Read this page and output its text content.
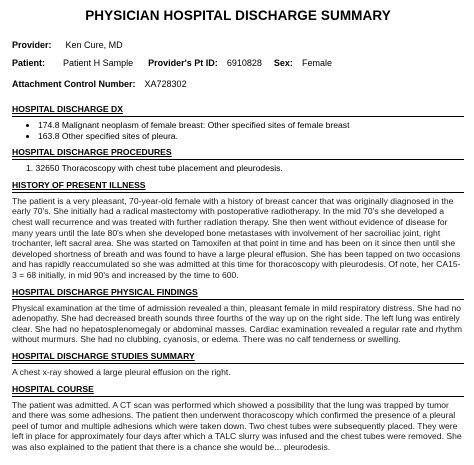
PHYSICIAN HOSPITAL DISCHARGE SUMMARY
Provider: Ken Cure, MD
Patient: Patient H Sample Provider's Pt ID: 6910828 Sex: Female
Attachment Control Number: XA728302
HOSPITAL DISCHARGE DX
• 174.8 Malignant neoplasm of female breast: Other specified sites of female breast
• 163.8 Other specified sites of pleura.
HOSPITAL DISCHARGE PROCEDURES
1. 32650 Thoracoscopy with chest tube placement and pleurodesis.
HISTORY OF PRESENT ILLNESS
The patient is a very pleasant, 70-year-old female with a history of breast cancer that was originally diagnosed in the early 70's. She initially had a radical mastectomy with postoperative radiotherapy. In the mid 70's she developed a chest wall recurrence and was treated with further radiation therapy. She then went without evidence of disease for many years until the late 80's when she developed bone metastases with involvement of her sacroiliac joint, right trochanter, left sacral area. She was started on Tamoxifen at that point in time and has been on it since then until she developed shortness of breath and was found to have a large pleural effusion. She has been tapped on two occasions and has rapidly reaccumulated so she was admitted at this time for thoracoscopy with pleurodesis. Of note, her CA15-3 = 68 initially, in mid 90's and increased by the time to 600.
HOSPITAL DISCHARGE PHYSICAL FINDINGS
Physical examination at the time of admission revealed a thin, pleasant female in mild respiratory distress. She had no adenopathy. She had decreased breath sounds three fourths of the way up on the right side. The left lung was entirely clear. She had no hepatosplenomegaly or abdominal masses. Cardiac examination revealed a regular rate and rhythm without murmurs. She had no clubbing, cyanosis, or edema. There was no calf tenderness or swelling.
HOSPITAL DISCHARGE STUDIES SUMMARY
A chest x-ray showed a large pleural effusion on the right.
HOSPITAL COURSE
The patient was admitted. A CT scan was performed which showed a possibility that the lung was trapped by tumor and there was some adhesions. The patient then underwent thoracoscopy which confirmed the presence of a pleural peel of tumor and multiple adhesions which were taken down. Two chest tubes were subsequently placed. They were left in place for approximately four days after which a TALC slurry was infused and the chest tubes were removed. She was also explained to the patient that there is a chance she would be... pleurodesis.
